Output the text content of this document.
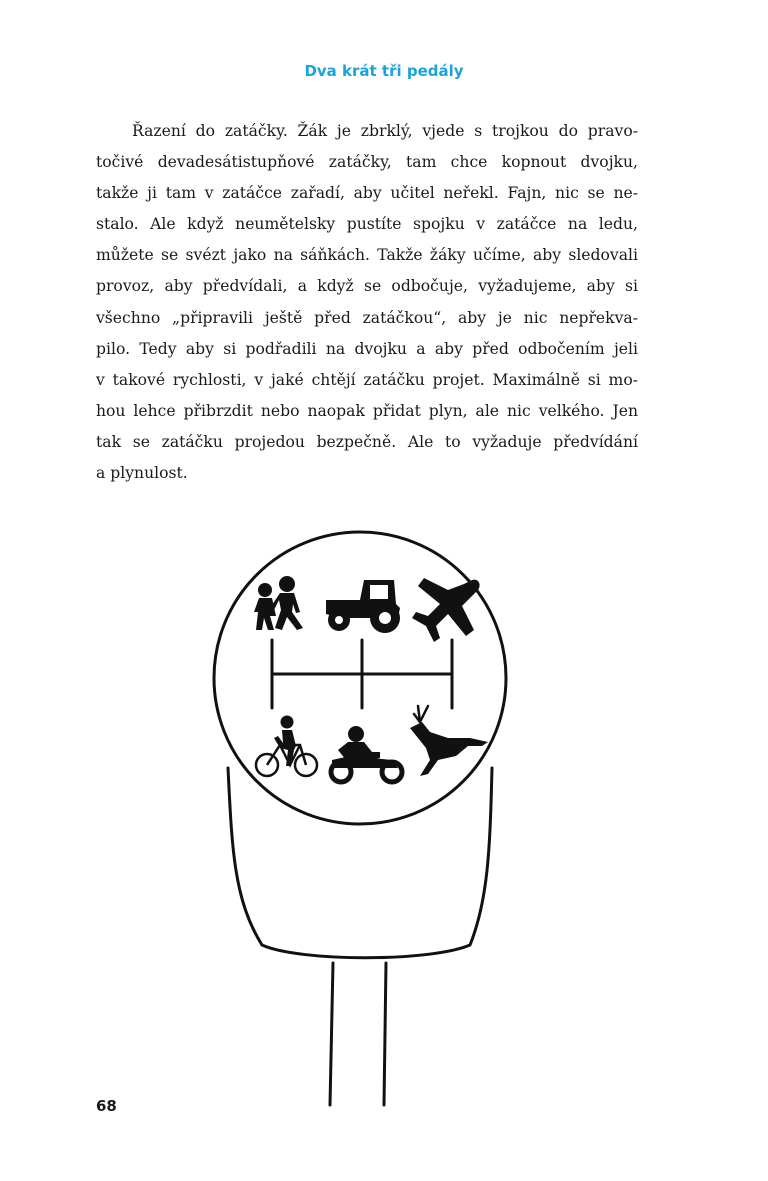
Dva krát tři pedály
Řazení do zatáčky. Žák je zbrklý, vjede s trojkou do pravo-
točivé devadesátistupňové zatáčky, tam chce kopnout dvojku,
takže ji tam v zatáčce zařadí, aby učitel neřekl. Fajn, nic se ne-
stalo. Ale když neumětelsky pustíte spojku v zatáčce na ledu,
můžete se svézt jako na sáňkách. Takže žáky učíme, aby sledovali
provoz, aby předvídali, a když se odbočuje, vyžadujeme, aby si
všechno „připravili ještě před zatáčkou“, aby je nic nepřekva-
pilo. Tedy aby si podřadili na dvojku a aby před odbočením jeli
v takové rychlosti, v jaké chtějí zatáčku projet. Maximálně si mo-
hou lehce přibrzdit nebo naopak přidat plyn, ale nic velkého. Jen
tak se zatáčku projedou bezpečně. Ale to vyžaduje předvídání
a plynulost.
68
